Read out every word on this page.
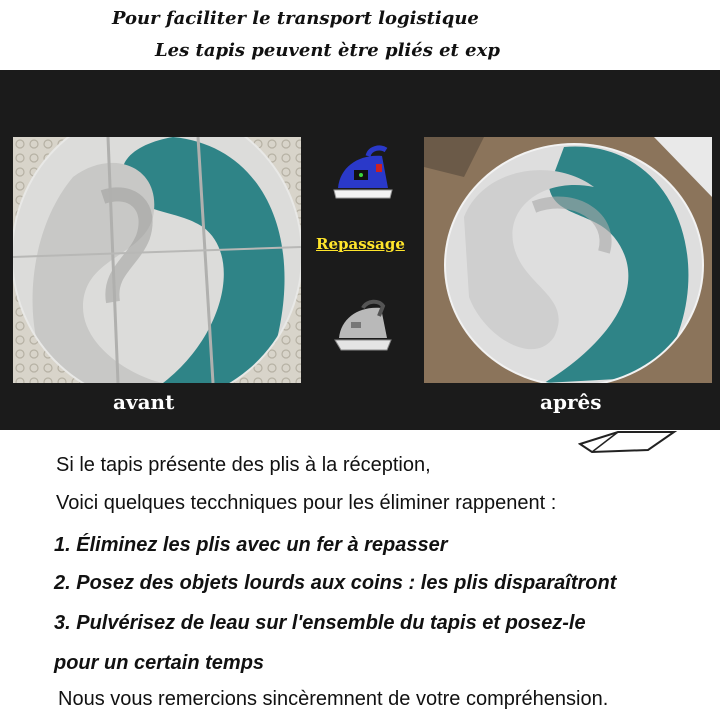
Pour faciliter le transport logistique

Les tapis peuvent ètre pliés et exp

Repassage

avant	aprês

Si le tapis présente des plis à la réception,

Voici quelques tecchniques pour les éliminer rappenent :

1. Éliminez les plis avec un fer à repasser

2. Posez des objets lourds aux coins : les plis disparaîtront

3. Pulvérisez de leau sur l'ensemble du tapis et posez-le

pour un certain temps

Nous vous remercions sincèremnent de votre compréhension.
